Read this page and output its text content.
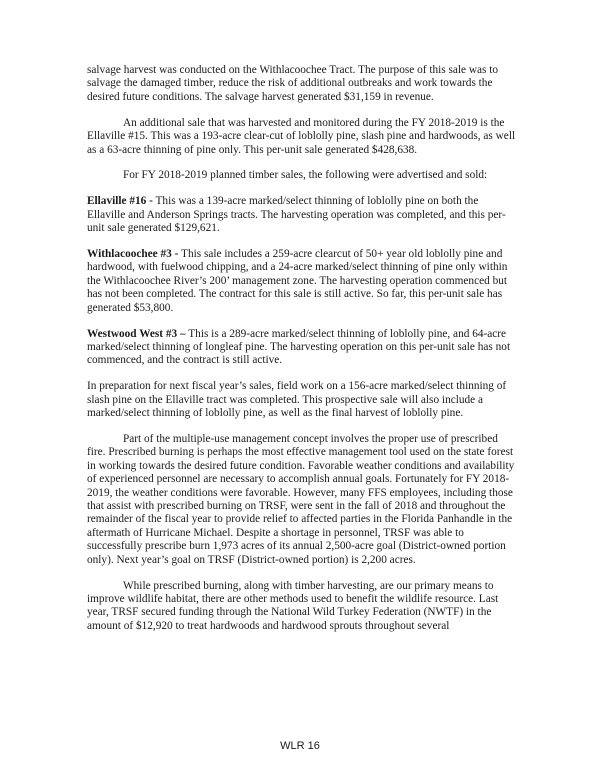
salvage harvest was conducted on the Withlacoochee Tract. The purpose of this sale was to salvage the damaged timber, reduce the risk of additional outbreaks and work towards the desired future conditions. The salvage harvest generated $31,159 in revenue.

An additional sale that was harvested and monitored during the FY 2018-2019 is the Ellaville #15. This was a 193-acre clear-cut of loblolly pine, slash pine and hardwoods, as well as a 63-acre thinning of pine only. This per-unit sale generated $428,638.

For FY 2018-2019 planned timber sales, the following were advertised and sold:

Ellaville #16 - This was a 139-acre marked/select thinning of loblolly pine on both the Ellaville and Anderson Springs tracts. The harvesting operation was completed, and this per-unit sale generated $129,621.

Withlacoochee #3 - This sale includes a 259-acre clearcut of 50+ year old loblolly pine and hardwood, with fuelwood chipping, and a 24-acre marked/select thinning of pine only within the Withlacoochee River’s 200’ management zone. The harvesting operation commenced but has not been completed. The contract for this sale is still active. So far, this per-unit sale has generated $53,800.

Westwood West #3 – This is a 289-acre marked/select thinning of loblolly pine, and 64-acre marked/select thinning of longleaf pine. The harvesting operation on this per-unit sale has not commenced, and the contract is still active.

In preparation for next fiscal year’s sales, field work on a 156-acre marked/select thinning of slash pine on the Ellaville tract was completed. This prospective sale will also include a marked/select thinning of loblolly pine, as well as the final harvest of loblolly pine.

Part of the multiple-use management concept involves the proper use of prescribed fire. Prescribed burning is perhaps the most effective management tool used on the state forest in working towards the desired future condition. Favorable weather conditions and availability of experienced personnel are necessary to accomplish annual goals. Fortunately for FY 2018-2019, the weather conditions were favorable. However, many FFS employees, including those that assist with prescribed burning on TRSF, were sent in the fall of 2018 and throughout the remainder of the fiscal year to provide relief to affected parties in the Florida Panhandle in the aftermath of Hurricane Michael. Despite a shortage in personnel, TRSF was able to successfully prescribe burn 1,973 acres of its annual 2,500-acre goal (District-owned portion only). Next year’s goal on TRSF (District-owned portion) is 2,200 acres.

While prescribed burning, along with timber harvesting, are our primary means to improve wildlife habitat, there are other methods used to benefit the wildlife resource. Last year, TRSF secured funding through the National Wild Turkey Federation (NWTF) in the amount of $12,920 to treat hardwoods and hardwood sprouts throughout several

WLR 16
